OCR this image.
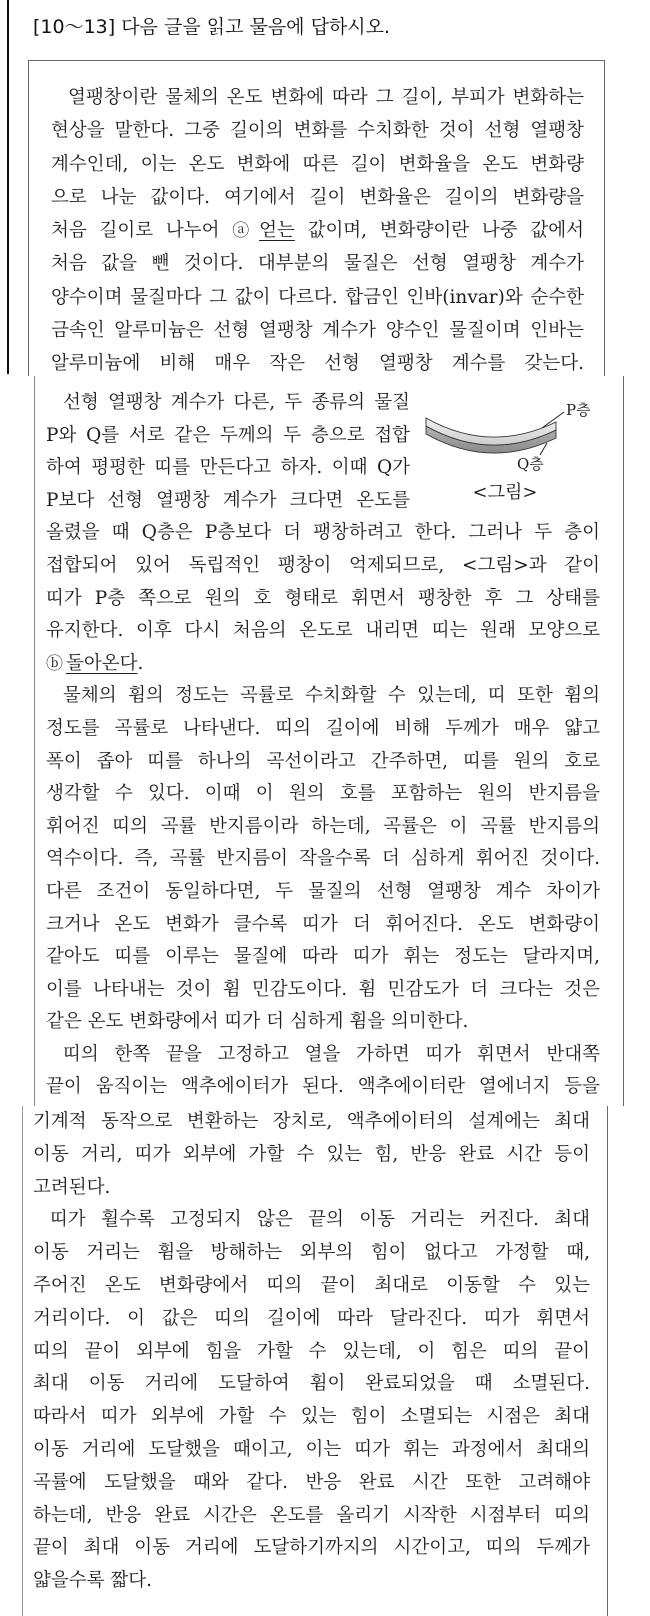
[10～13] 다음 글을 읽고 물음에 답하시오.
열팽창이란 물체의 온도 변화에 따라 그 길이, 부피가 변화하는
현상을 말한다. 그중 길이의 변화를 수치화한 것이 선형 열팽창
계수인데, 이는 온도 변화에 따른 길이 변화율을 온도 변화량
으로 나눈 값이다. 여기에서 길이 변화율은 길이의 변화량을
처음 길이로 나누어 ⓐ 얻는 값이며, 변화량이란 나중 값에서
처음 값을 뺀 것이다. 대부분의 물질은 선형 열팽창 계수가
양수이며 물질마다 그 값이 다르다. 합금인 인바(invar)와 순수한
금속인 알루미늄은 선형 열팽창 계수가 양수인 물질이며 인바는
알루미늄에 비해 매우 작은 선형 열팽창 계수를 갖는다.
선형 열팽창 계수가 다른, 두 종류의 물질
P와 Q를 서로 같은 두께의 두 층으로 접합
하여 평평한 띠를 만든다고 하자. 이때 Q가
P보다 선형 열팽창 계수가 크다면 온도를
올렸을 때 Q층은 P층보다 더 팽창하려고 한다. 그러나 두 층이
접합되어 있어 독립적인 팽창이 억제되므로, <그림>과 같이
띠가 P층 쪽으로 원의 호 형태로 휘면서 팽창한 후 그 상태를
유지한다. 이후 다시 처음의 온도로 내리면 띠는 원래 모양으로
ⓑ 돌아온다.
물체의 휨의 정도는 곡률로 수치화할 수 있는데, 띠 또한 휨의
정도를 곡률로 나타낸다. 띠의 길이에 비해 두께가 매우 얇고
폭이 좁아 띠를 하나의 곡선이라고 간주하면, 띠를 원의 호로
생각할 수 있다. 이때 이 원의 호를 포함하는 원의 반지름을
휘어진 띠의 곡률 반지름이라 하는데, 곡률은 이 곡률 반지름의
역수이다. 즉, 곡률 반지름이 작을수록 더 심하게 휘어진 것이다.
다른 조건이 동일하다면, 두 물질의 선형 열팽창 계수 차이가
크거나 온도 변화가 클수록 띠가 더 휘어진다. 온도 변화량이
같아도 띠를 이루는 물질에 따라 띠가 휘는 정도는 달라지며,
이를 나타내는 것이 휨 민감도이다. 휨 민감도가 더 크다는 것은
같은 온도 변화량에서 띠가 더 심하게 휨을 의미한다.
띠의 한쪽 끝을 고정하고 열을 가하면 띠가 휘면서 반대쪽
끝이 움직이는 액추에이터가 된다. 액추에이터란 열에너지 등을
P층
Q층
<그림>
기계적 동작으로 변환하는 장치로, 액추에이터의 설계에는 최대
이동 거리, 띠가 외부에 가할 수 있는 힘, 반응 완료 시간 등이
고려된다.
띠가 휠수록 고정되지 않은 끝의 이동 거리는 커진다. 최대
이동 거리는 휨을 방해하는 외부의 힘이 없다고 가정할 때,
주어진 온도 변화량에서 띠의 끝이 최대로 이동할 수 있는
거리이다. 이 값은 띠의 길이에 따라 달라진다. 띠가 휘면서
띠의 끝이 외부에 힘을 가할 수 있는데, 이 힘은 띠의 끝이
최대 이동 거리에 도달하여 휨이 완료되었을 때 소멸된다.
따라서 띠가 외부에 가할 수 있는 힘이 소멸되는 시점은 최대
이동 거리에 도달했을 때이고, 이는 띠가 휘는 과정에서 최대의
곡률에 도달했을 때와 같다. 반응 완료 시간 또한 고려해야
하는데, 반응 완료 시간은 온도를 올리기 시작한 시점부터 띠의
끝이 최대 이동 거리에 도달하기까지의 시간이고, 띠의 두께가
얇을수록 짧다.
